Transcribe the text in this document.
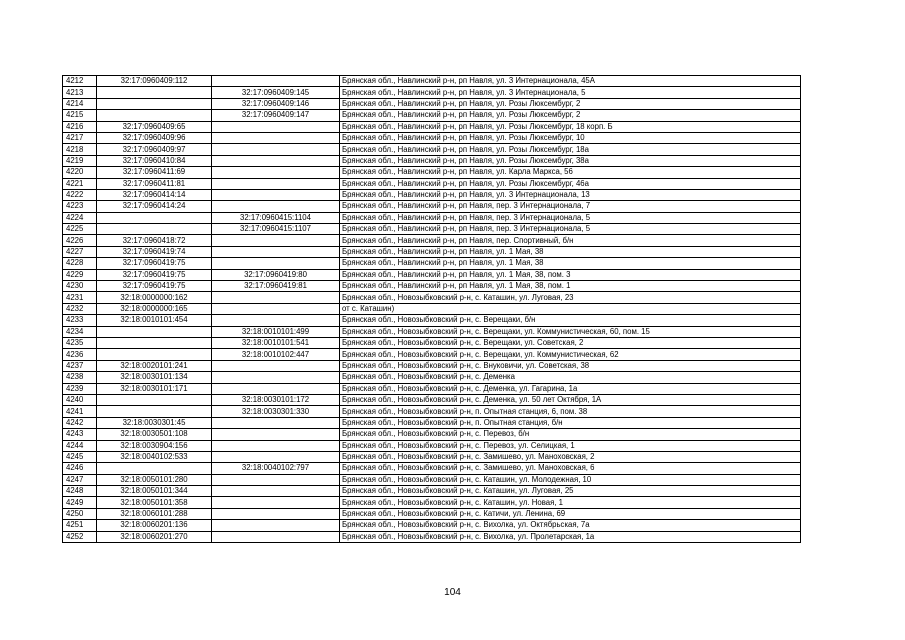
4212	32:17:0960409:112		Брянская обл., Навлинский р-н, рп Навля, ул. 3 Интернационала, 45А
4213		32:17:0960409:145	Брянская обл., Навлинский р-н, рп Навля, ул. 3 Интернационала, 5
4214		32:17:0960409:146	Брянская обл., Навлинский р-н, рп Навля, ул. Розы Люксембург, 2
4215		32:17:0960409:147	Брянская обл., Навлинский р-н, рп Навля, ул. Розы Люксембург, 2
4216	32:17:0960409:65		Брянская обл., Навлинский р-н, рп Навля, ул. Розы Люксембург, 18 корп. Б
4217	32:17:0960409:96		Брянская обл., Навлинский р-н, рп Навля, ул. Розы Люксембург, 10
4218	32:17:0960409:97		Брянская обл., Навлинский р-н, рп Навля, ул. Розы Люксембург, 18а
4219	32:17:0960410:84		Брянская обл., Навлинский р-н, рп Навля, ул. Розы Люксембург, 38а
4220	32:17:0960411:69		Брянская обл., Навлинский р-н, рп Навля, ул. Карла Маркса, 56
4221	32:17:0960411:81		Брянская обл., Навлинский р-н, рп Навля, ул. Розы Люксембург, 46а
4222	32:17:0960414:14		Брянская обл., Навлинский р-н, рп Навля, ул. 3 Интернационала, 13
4223	32:17:0960414:24		Брянская обл., Навлинский р-н, рп Навля, пер. 3 Интернационала, 7
4224		32:17:0960415:1104	Брянская обл., Навлинский р-н, рп Навля, пер. 3 Интернационала, 5
4225		32:17:0960415:1107	Брянская обл., Навлинский р-н, рп Навля, пер. 3 Интернационала, 5
4226	32:17:0960418:72		Брянская обл., Навлинский р-н, рп Навля, пер. Спортивный, б/н
4227	32:17:0960419:74		Брянская обл., Навлинский р-н, рп Навля, ул. 1 Мая, 38
4228	32:17:0960419:75		Брянская обл., Навлинский р-н, рп Навля, ул. 1 Мая, 38
4229	32:17:0960419:75	32:17:0960419:80	Брянская обл., Навлинский р-н, рп Навля, ул. 1 Мая, 38, пом. 3
4230	32:17:0960419:75	32:17:0960419:81	Брянская обл., Навлинский р-н, рп Навля, ул. 1 Мая, 38, пом. 1
4231	32:18:0000000:162		Брянская обл., Новозыбковский р-н, с. Каташин, ул. Луговая, 23
4232	32:18:0000000:165		от с. Каташин)
4233	32:18:0010101:454		Брянская обл., Новозыбковский р-н, с. Верещаки, б/н
4234		32:18:0010101:499	Брянская обл., Новозыбковский р-н, с. Верещаки, ул. Коммунистическая, 60, пом. 15
4235		32:18:0010101:541	Брянская обл., Новозыбковский р-н, с. Верещаки, ул. Советская, 2
4236		32:18:0010102:447	Брянская обл., Новозыбковский р-н, с. Верещаки, ул. Коммунистическая, 62
4237	32:18:0020101:241		Брянская обл., Новозыбковский р-н, с. Внуковичи, ул. Советская, 38
4238	32:18:0030101:134		Брянская обл., Новозыбковский р-н, с. Деменка
4239	32:18:0030101:171		Брянская обл., Новозыбковский р-н, с. Деменка, ул. Гагарина, 1а
4240		32:18:0030101:172	Брянская обл., Новозыбковский р-н, с. Деменка, ул. 50 лет Октября, 1А
4241		32:18:0030301:330	Брянская обл., Новозыбковский р-н, п. Опытная станция, 6, пом. 38
4242	32:18:0030301:45		Брянская обл., Новозыбковский р-н, п. Опытная станция, б/н
4243	32:18:0030501:108		Брянская обл., Новозыбковский р-н, с. Перевоз, б/н
4244	32:18:0030904:156		Брянская обл., Новозыбковский р-н, с. Перевоз, ул. Селицкая, 1
4245	32:18:0040102:533		Брянская обл., Новозыбковский р-н, с. Замишево, ул. Маноховская, 2
4246		32:18:0040102:797	Брянская обл., Новозыбковский р-н, с. Замишево, ул. Маноховская, 6
4247	32:18:0050101:280		Брянская обл., Новозыбковский р-н, с. Каташин, ул. Молодежная, 10
4248	32:18:0050101:344		Брянская обл., Новозыбковский р-н, с. Каташин, ул. Луговая, 25
4249	32:18:0050101:358		Брянская обл., Новозыбковский р-н, с. Каташин, ул. Новая, 1
4250	32:18:0060101:288		Брянская обл., Новозыбковский р-н, с. Катичи, ул. Ленина, 69
4251	32:18:0060201:136		Брянская обл., Новозыбковский р-н, с. Вихолка, ул. Октябрьская, 7а
4252	32:18:0060201:270		Брянская обл., Новозыбковский р-н, с. Вихолка, ул. Пролетарская, 1а
104
